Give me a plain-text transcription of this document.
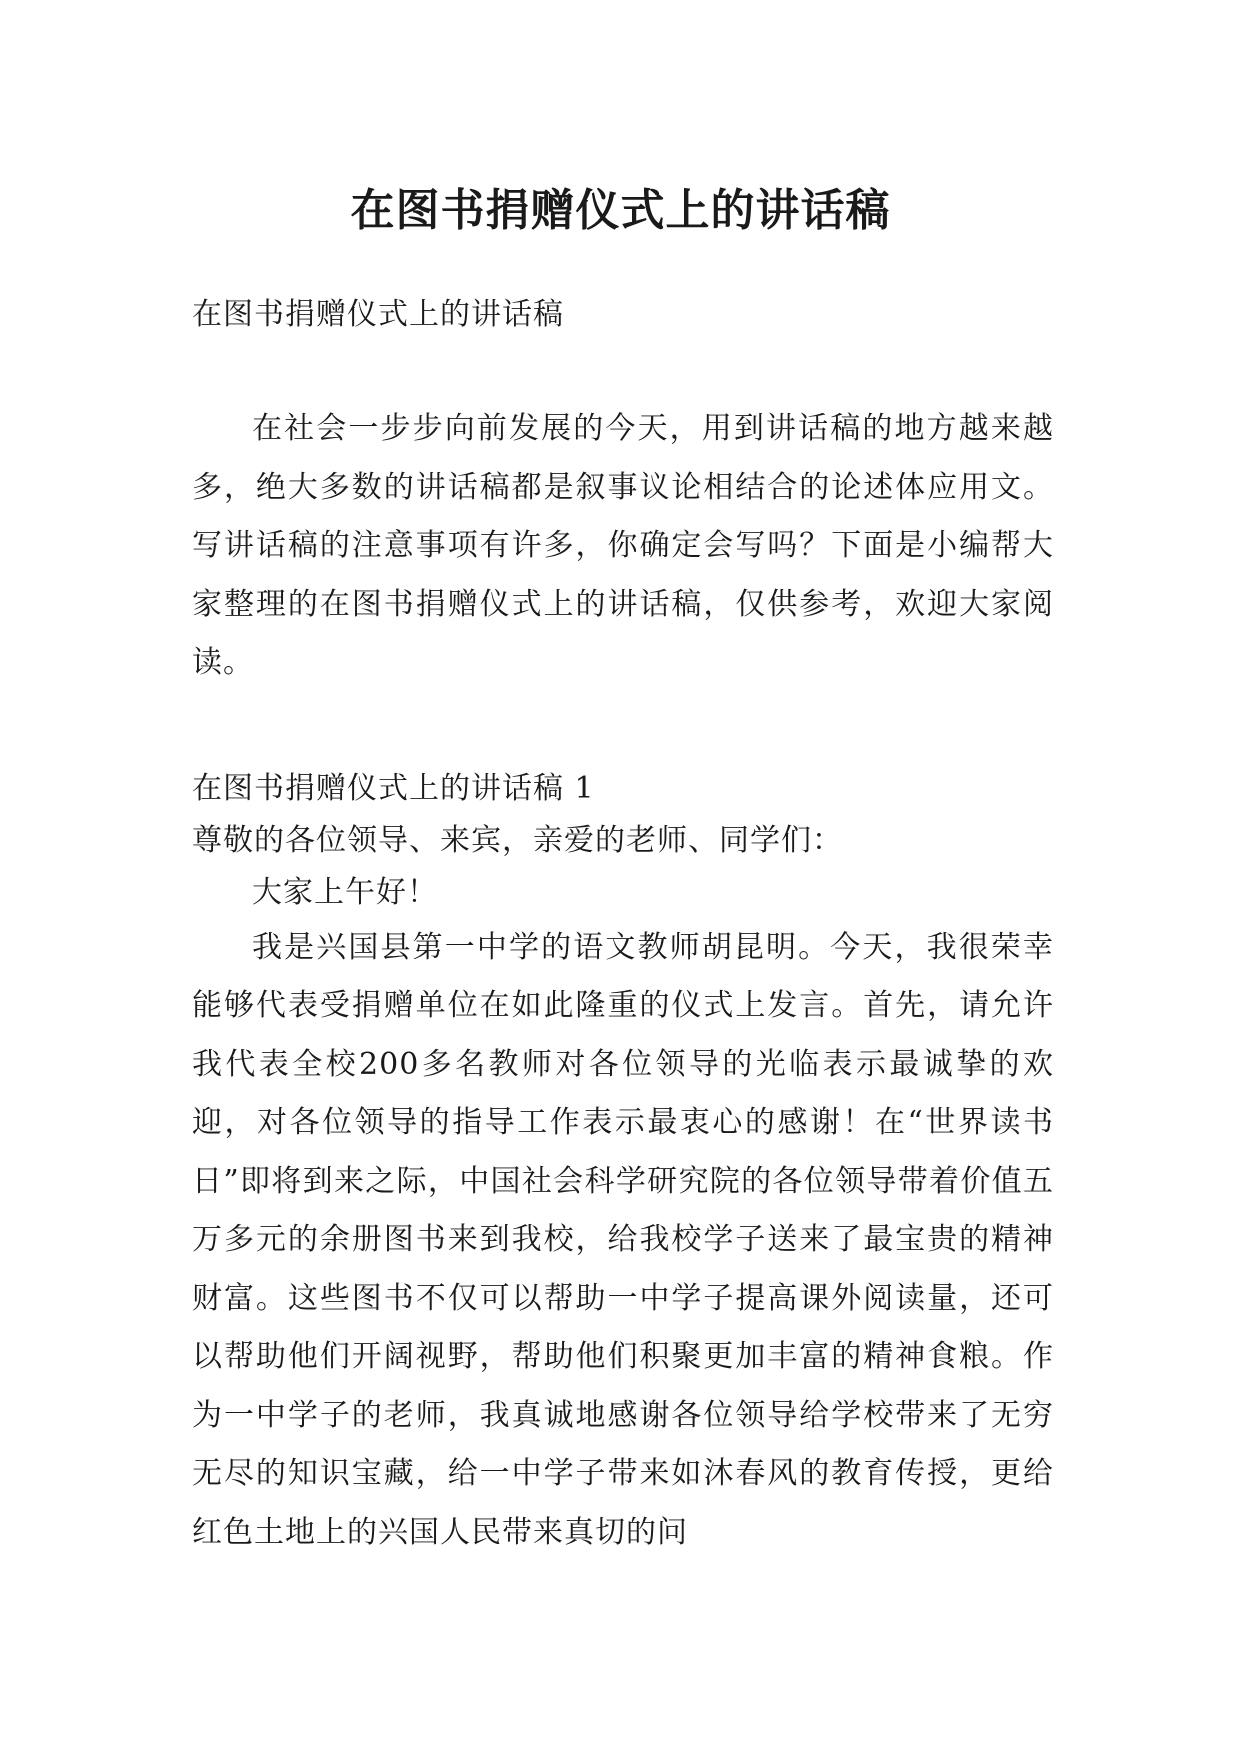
在图书捐赠仪式上的讲话稿

在图书捐赠仪式上的讲话稿

在社会一步步向前发展的今天，用到讲话稿的地方越来越多，绝大多数的讲话稿都是叙事议论相结合的论述体应用文。写讲话稿的注意事项有许多，你确定会写吗？下面是小编帮大家整理的在图书捐赠仪式上的讲话稿，仅供参考，欢迎大家阅读。

在图书捐赠仪式上的讲话稿 1

尊敬的各位领导、来宾，亲爱的老师、同学们：

大家上午好！

我是兴国县第一中学的语文教师胡昆明。今天，我很荣幸能够代表受捐赠单位在如此隆重的仪式上发言。首先，请允许我代表全校200多名教师对各位领导的光临表示最诚挚的欢迎，对各位领导的指导工作表示最衷心的感谢！在“世界读书日”即将到来之际，中国社会科学研究院的各位领导带着价值五万多元的余册图书来到我校，给我校学子送来了最宝贵的精神财富。这些图书不仅可以帮助一中学子提高课外阅读量，还可以帮助他们开阔视野，帮助他们积聚更加丰富的精神食粮。作为一中学子的老师，我真诚地感谢各位领导给学校带来了无穷无尽的知识宝藏，给一中学子带来如沐春风的教育传授，更给红色土地上的兴国人民带来真切的问
